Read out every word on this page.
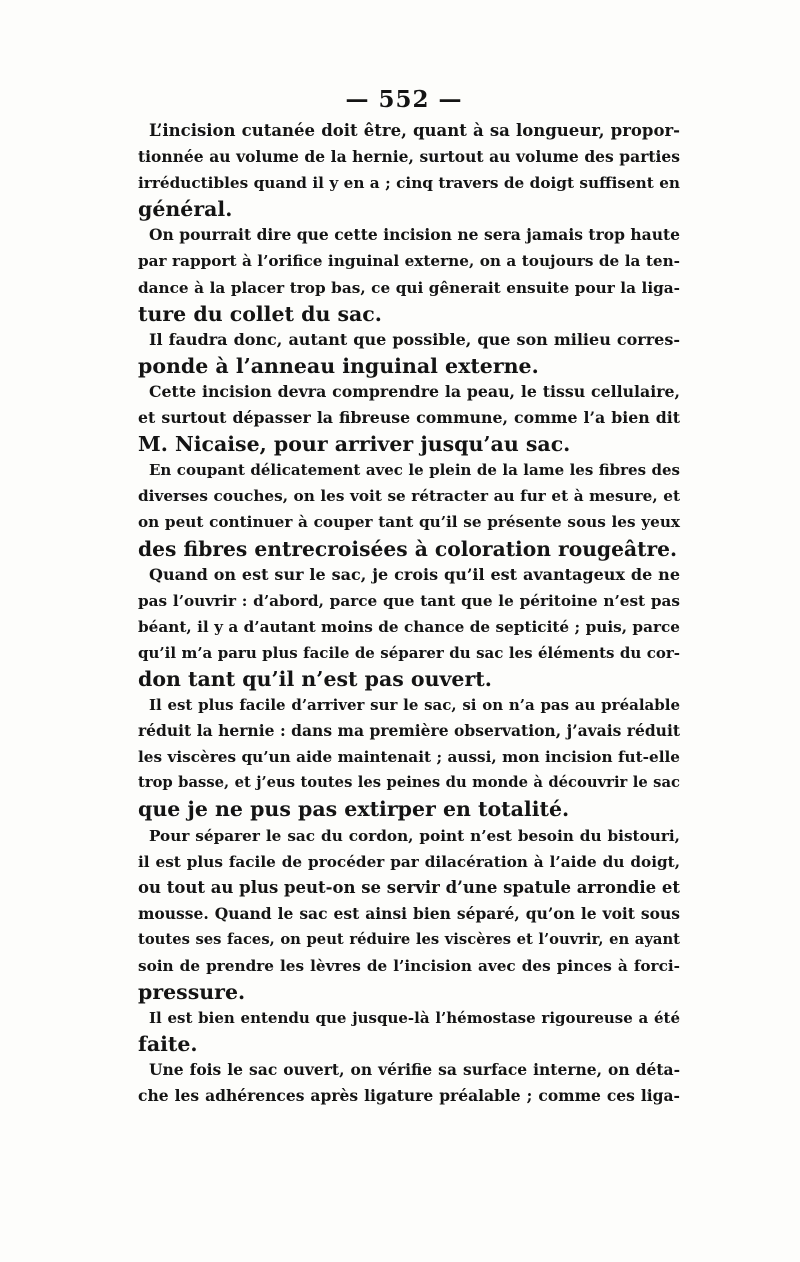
— 552 —
L’incision cutanée doit être, quant à sa longueur, propor-
tionnée au volume de la hernie, surtout au volume des parties
irréductibles quand il y en a ; cinq travers de doigt suffisent en
général.
On pourrait dire que cette incision ne sera jamais trop haute
par rapport à l’orifice inguinal externe, on a toujours de la ten-
dance à la placer trop bas, ce qui gênerait ensuite pour la liga-
ture du collet du sac.
Il faudra donc, autant que possible, que son milieu corres-
ponde à l’anneau inguinal externe.
Cette incision devra comprendre la peau, le tissu cellulaire,
et surtout dépasser la fibreuse commune, comme l’a bien dit
M. Nicaise, pour arriver jusqu’au sac.
En coupant délicatement avec le plein de la lame les fibres des
diverses couches, on les voit se rétracter au fur et à mesure, et
on peut continuer à couper tant qu’il se présente sous les yeux
des fibres entrecroisées à coloration rougeâtre.
Quand on est sur le sac, je crois qu’il est avantageux de ne
pas l’ouvrir : d’abord, parce que tant que le péritoine n’est pas
béant, il y a d’autant moins de chance de septicité ; puis, parce
qu’il m’a paru plus facile de séparer du sac les éléments du cor-
don tant qu’il n’est pas ouvert.
Il est plus facile d’arriver sur le sac, si on n’a pas au préalable
réduit la hernie : dans ma première observation, j’avais réduit
les viscères qu’un aide maintenait ; aussi, mon incision fut-elle
trop basse, et j’eus toutes les peines du monde à découvrir le sac
que je ne pus pas extirper en totalité.
Pour séparer le sac du cordon, point n’est besoin du bistouri,
il est plus facile de procéder par dilacération à l’aide du doigt,
ou tout au plus peut-on se servir d’une spatule arrondie et
mousse. Quand le sac est ainsi bien séparé, qu’on le voit sous
toutes ses faces, on peut réduire les viscères et l’ouvrir, en ayant
soin de prendre les lèvres de l’incision avec des pinces à forci-
pressure.
Il est bien entendu que jusque-là l’hémostase rigoureuse a été
faite.
Une fois le sac ouvert, on vérifie sa surface interne, on déta-
che les adhérences après ligature préalable ; comme ces liga-
